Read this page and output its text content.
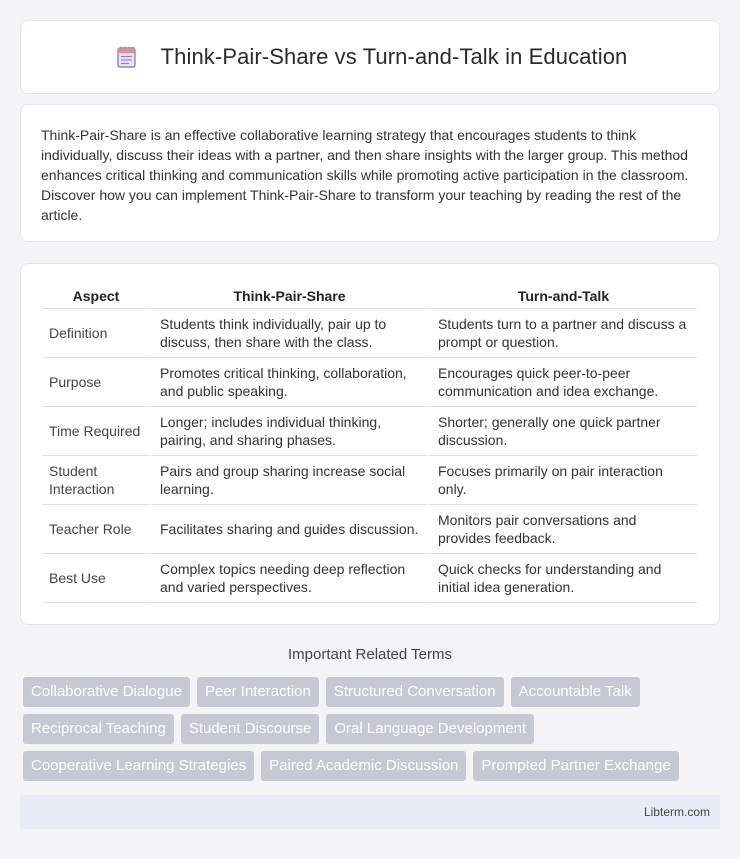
Think-Pair-Share vs Turn-and-Talk in Education

Think-Pair-Share is an effective collaborative learning strategy that encourages students to think individually, discuss their ideas with a partner, and then share insights with the larger group. This method enhances critical thinking and communication skills while promoting active participation in the classroom. Discover how you can implement Think-Pair-Share to transform your teaching by reading the rest of the article.

Aspect	Think-Pair-Share	Turn-and-Talk
Definition	Students think individually, pair up to discuss, then share with the class.	Students turn to a partner and discuss a prompt or question.
Purpose	Promotes critical thinking, collaboration, and public speaking.	Encourages quick peer-to-peer communication and idea exchange.
Time Required	Longer; includes individual thinking, pairing, and sharing phases.	Shorter; generally one quick partner discussion.
Student Interaction	Pairs and group sharing increase social learning.	Focuses primarily on pair interaction only.
Teacher Role	Facilitates sharing and guides discussion.	Monitors pair conversations and provides feedback.
Best Use	Complex topics needing deep reflection and varied perspectives.	Quick checks for understanding and initial idea generation.
Important Related Terms
Collaborative Dialogue	Peer Interaction	Structured Conversation	Accountable Talk
Reciprocal Teaching	Student Discourse	Oral Language Development
Cooperative Learning Strategies	Paired Academic Discussion	Prompted Partner Exchange
Libterm.com
